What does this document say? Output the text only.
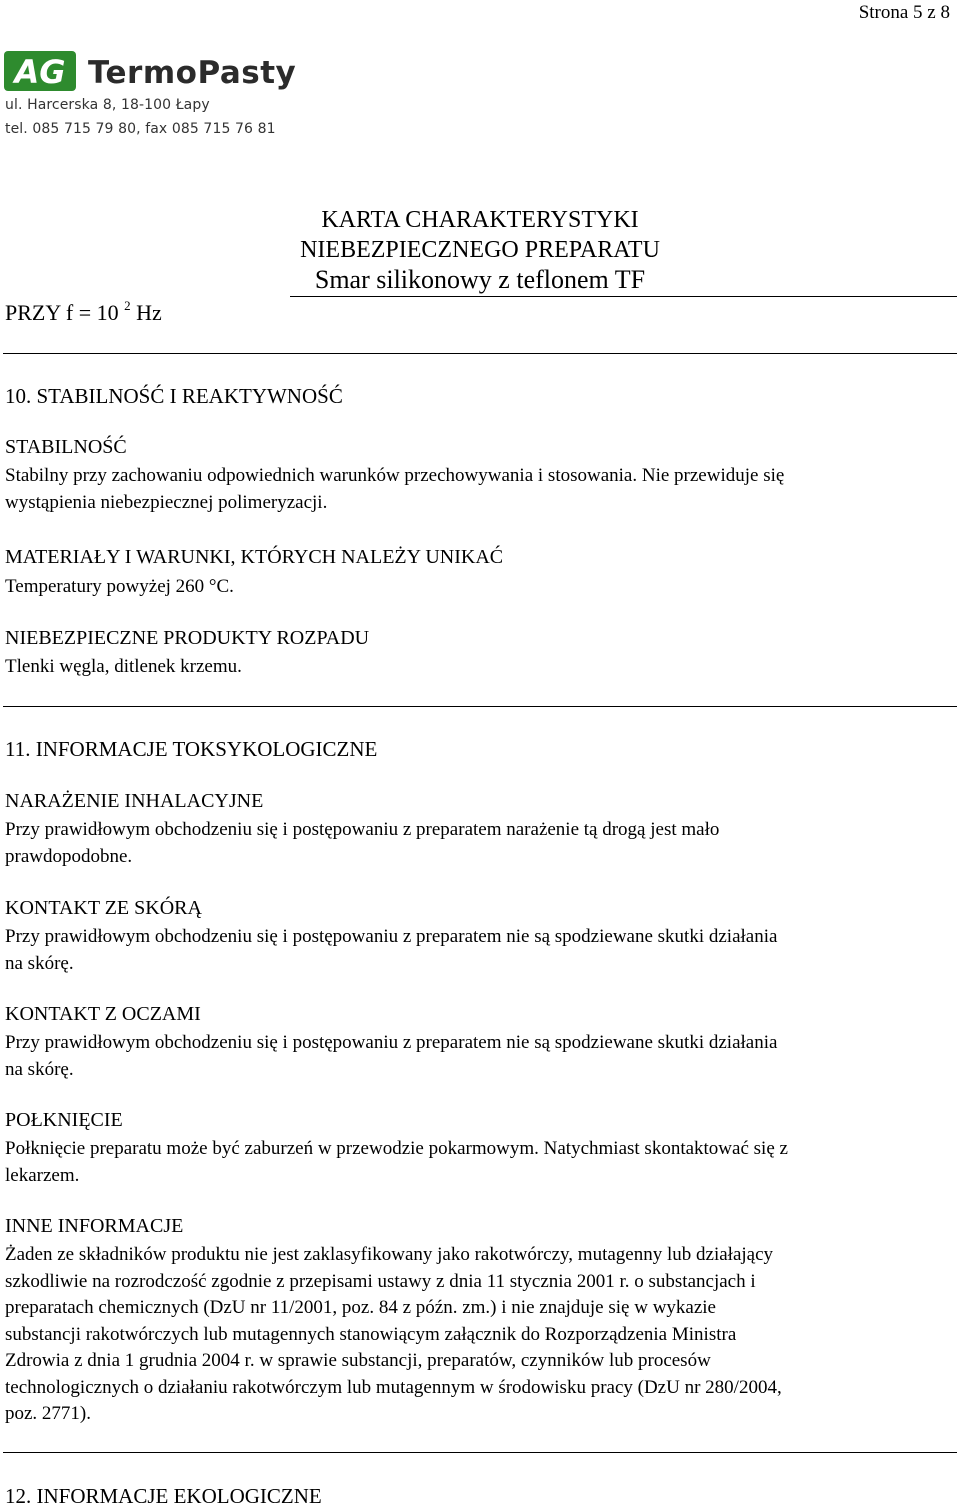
Strona 5 z 8
AG TermoPasty
ul. Harcerska 8, 18-100 Łapy
tel. 085 715 79 80, fax 085 715 76 81
KARTA CHARAKTERYSTYKI
NIEBEZPIECZNEGO PREPARATU
Smar silikonowy z teflonem TF
PRZY f = 10 $^2$ Hz
10. STABILNOŚĆ I REAKTYWNOŚĆ
STABILNOŚĆ
Stabilny przy zachowaniu odpowiednich warunków przechowywania i stosowania. Nie przewiduje się
wystąpienia niebezpiecznej polimeryzacji.
MATERIAŁY I WARUNKI, KTÓRYCH NALEŻY UNIKAĆ
Temperatury powyżej 260 °C.
NIEBEZPIECZNE PRODUKTY ROZPADU
Tlenki węgla, ditlenek krzemu.
11. INFORMACJE TOKSYKOLOGICZNE
NARAŻENIE INHALACYJNE
Przy prawidłowym obchodzeniu się i postępowaniu z preparatem narażenie tą drogą jest mało
prawdopodobne.
KONTAKT ZE SKÓRĄ
Przy prawidłowym obchodzeniu się i postępowaniu z preparatem nie są spodziewane skutki działania
na skórę.
KONTAKT Z OCZAMI
Przy prawidłowym obchodzeniu się i postępowaniu z preparatem nie są spodziewane skutki działania
na skórę.
POŁKNIĘCIE
Połknięcie preparatu może być zaburzeń w przewodzie pokarmowym. Natychmiast skontaktować się z
lekarzem.
INNE INFORMACJE
Żaden ze składników produktu nie jest zaklasyfikowany jako rakotwórczy, mutagenny lub działający
szkodliwie na rozrodczość zgodnie z przepisami ustawy z dnia 11 stycznia 2001 r. o substancjach i
preparatach chemicznych (DzU nr 11/2001, poz. 84 z późn. zm.) i nie znajduje się w wykazie
substancji rakotwórczych lub mutagennych stanowiącym załącznik do Rozporządzenia Ministra
Zdrowia z dnia 1 grudnia 2004 r. w sprawie substancji, preparatów, czynników lub procesów
technologicznych o działaniu rakotwórczym lub mutagennym w środowisku pracy (DzU nr 280/2004,
poz. 2771).
12. INFORMACJE EKOLOGICZNE
